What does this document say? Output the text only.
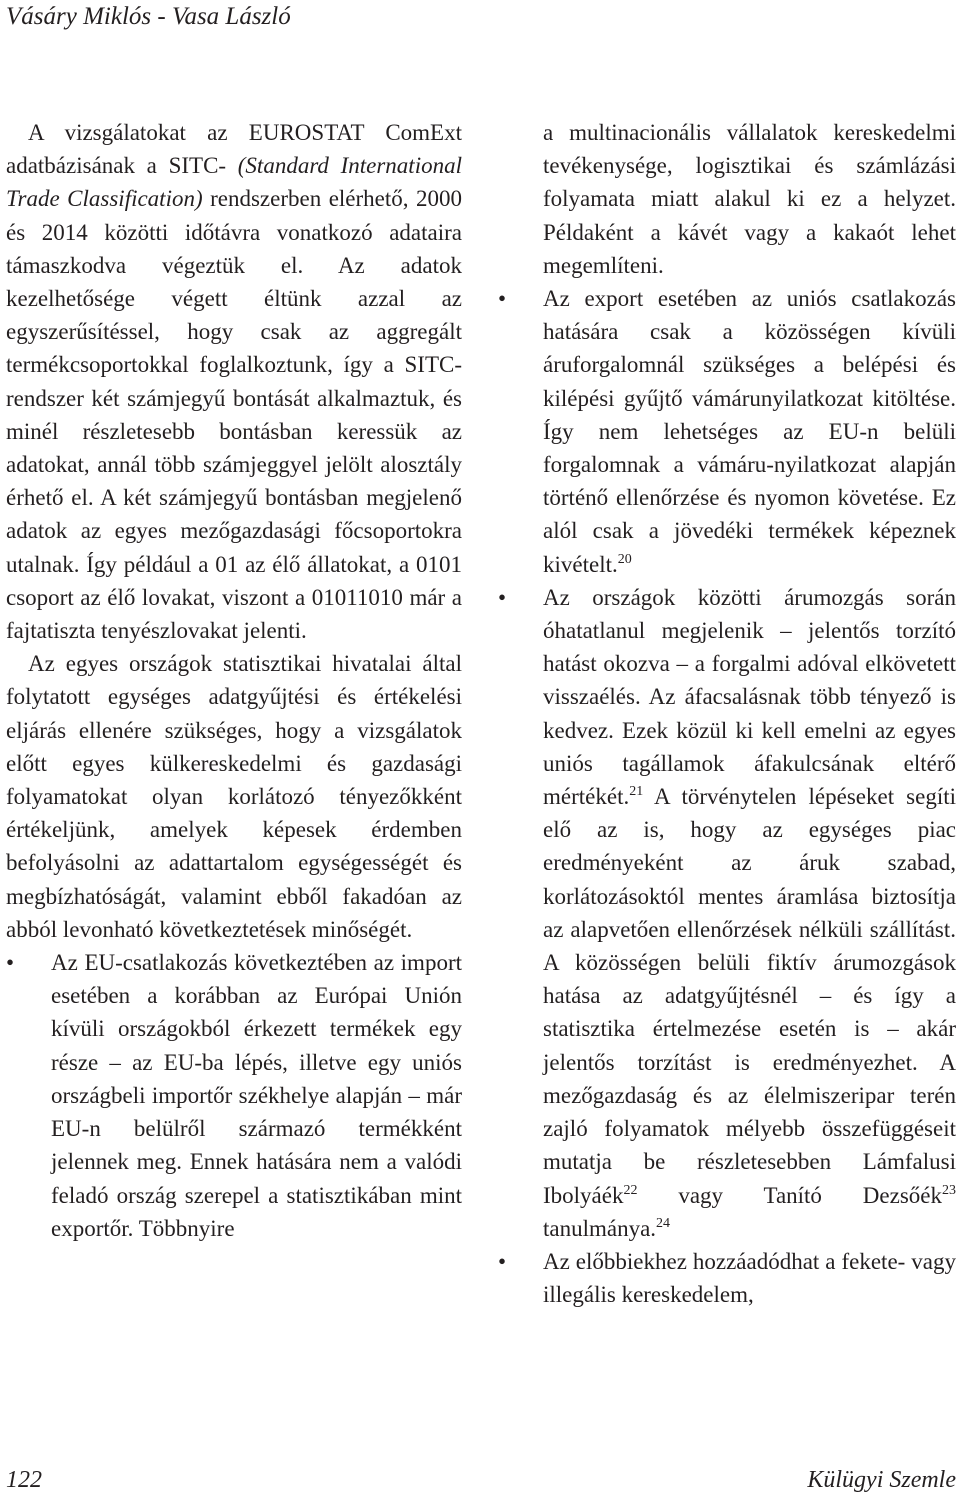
Vásáry Miklós - Vasa László

A vizsgálatokat az EUROSTAT ComExt adatbázisának a SITC- (Standard International Trade Classification) rendszerben elérhető, 2000 és 2014 közötti időtávra vonatkozó adataira támaszkodva végeztük el. Az adatok kezelhetősége végett éltünk azzal az egyszerűsítéssel, hogy csak az aggregált termékcsoportokkal foglalkoztunk, így a SITC-rendszer két számjegyű bontását alkalmaztuk, és minél részletesebb bontásban keressük az adatokat, annál több számjeggyel jelölt alosztály érhető el. A két számjegyű bontásban megjelenő adatok az egyes mezőgazdasági főcsoportokra utalnak. Így például a 01 az élő állatokat, a 0101 csoport az élő lovakat, viszont a 01011010 már a fajtatiszta tenyészlovakat jelenti.

Az egyes országok statisztikai hivatalai által folytatott egységes adatgyűjtési és értékelési eljárás ellenére szükséges, hogy a vizsgálatok előtt egyes külkereskedelmi és gazdasági folyamatokat olyan korlátozó tényezőkként értékeljünk, amelyek képesek érdemben befolyásolni az adattartalom egységességét és megbízhatóságát, valamint ebből fakadóan az abból levonható következtetések minőségét.

• Az EU-csatlakozás következtében az import esetében a korábban az Európai Unión kívüli országokból érkezett termékek egy része – az EU-ba lépés, illetve egy uniós országbeli importőr székhelye alapján – már EU-n belülről származó termékként jelennek meg. Ennek hatására nem a valódi feladó ország szerepel a statisztikában mint exportőr. Többnyire

a multinacionális vállalatok kereskedelmi tevékenysége, logisztikai és számlázási folyamata miatt alakul ki ez a helyzet. Példaként a kávét vagy a kakaót lehet megemlíteni.

• Az export esetében az uniós csatlakozás hatására csak a közösségen kívüli áruforgalomnál szükséges a belépési és kilépési gyűjtő vámárunyilatkozat kitöltése. Így nem lehetséges az EU-n belüli forgalomnak a vámáru-nyilatkozat alapján történő ellenőrzése és nyomon követése. Ez alól csak a jövedéki termékek képeznek kivételt.$^{20}$
• Az országok közötti árumozgás során óhatatlanul megjelenik – jelentős torzító hatást okozva – a forgalmi adóval elkövetett visszaélés. Az áfacsalásnak több tényező is kedvez. Ezek közül ki kell emelni az egyes uniós tagállamok áfakulcsának eltérő mértékét.$^{21}$ A törvénytelen lépéseket segíti elő az is, hogy az egységes piac eredményeként az áruk szabad, korlátozásoktól mentes áramlása biztosítja az alapvetően ellenőrzések nélküli szállítást. A közösségen belüli fiktív árumozgások hatása az adatgyűjtésnél – és így a statisztika értelmezése esetén is – akár jelentős torzítást is eredményezhet. A mezőgazdaság és az élelmiszeripar terén zajló folyamatok mélyebb összefüggéseit mutatja be részletesebben Lámfalusi Ibolyáék$^{22}$ vagy Tanító Dezsőék$^{23}$ tanulmánya.$^{24}$
• Az előbbiekhez hozzáadódhat a fekete- vagy illegális kereskedelem,
122	Külügyi Szemle
